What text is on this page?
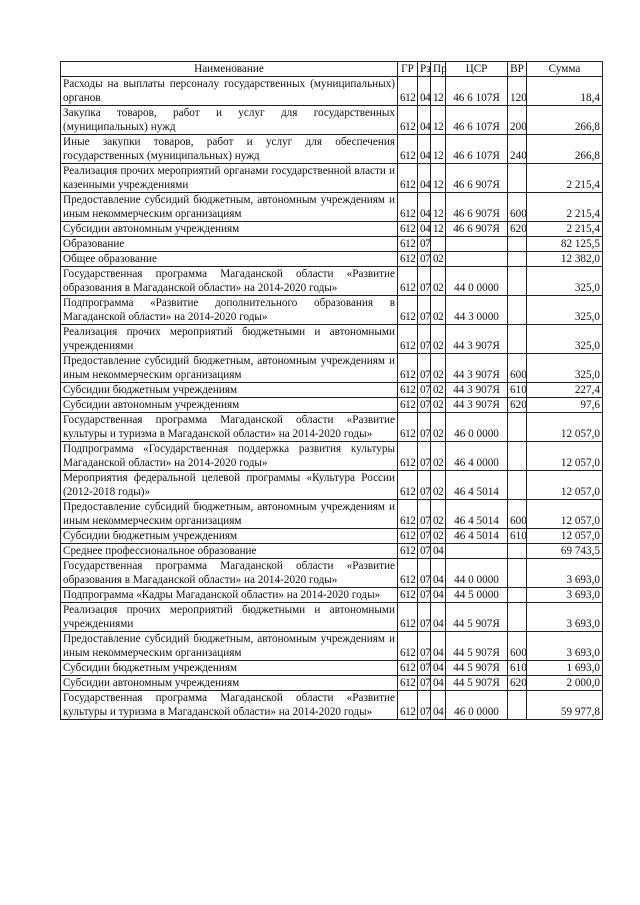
Наименование	ГР	Рз	Пр	ЦСР	ВР	Сумма
Расходы на выплаты персоналу государственных (муниципальных) органов	612	04	12	46 6 107Я	120	18,4
Закупка товаров, работ и услуг для государственных (муниципальных) нужд	612	04	12	46 6 107Я	200	266,8
Иные закупки товаров, работ и услуг для обеспечения государственных (муниципальных) нужд	612	04	12	46 6 107Я	240	266,8
Реализация прочих мероприятий органами государственной власти и казенными учреждениями	612	04	12	46 6 907Я		2 215,4
Предоставление субсидий бюджетным, автономным учреждениям и иным некоммерческим организациям	612	04	12	46 6 907Я	600	2 215,4
Субсидии автономным учреждениям	612	04	12	46 6 907Я	620	2 215,4
Образование	612	07				82 125,5
Общее образование	612	07	02			12 382,0
Государственная программа Магаданской области «Развитие образования в Магаданской области» на 2014-2020 годы»	612	07	02	44 0 0000		325,0
Подпрограмма «Развитие дополнительного образования в Магаданской области» на 2014-2020 годы»	612	07	02	44 3 0000		325,0
Реализация прочих мероприятий бюджетными и автономными учреждениями	612	07	02	44 3 907Я		325,0
Предоставление субсидий бюджетным, автономным учреждениям и иным некоммерческим организациям	612	07	02	44 3 907Я	600	325,0
Субсидии бюджетным учреждениям	612	07	02	44 3 907Я	610	227,4
Субсидии автономным учреждениям	612	07	02	44 3 907Я	620	97,6
Государственная программа Магаданской области «Развитие культуры и туризма в Магаданской области» на 2014-2020 годы»	612	07	02	46 0 0000		12 057,0
Подпрограмма «Государственная поддержка развития культуры Магаданской области» на 2014-2020 годы»	612	07	02	46 4 0000		12 057,0
Мероприятия федеральной целевой программы «Культура России (2012-2018 годы)»	612	07	02	46 4 5014		12 057,0
Предоставление субсидий бюджетным, автономным учреждениям и иным некоммерческим организациям	612	07	02	46 4 5014	600	12 057,0
Субсидии бюджетным учреждениям	612	07	02	46 4 5014	610	12 057,0
Среднее профессиональное образование	612	07	04			69 743,5
Государственная программа Магаданской области «Развитие образования в Магаданской области» на 2014-2020 годы»	612	07	04	44 0 0000		3 693,0
Подпрограмма «Кадры Магаданской области» на 2014-2020 годы»	612	07	04	44 5 0000		3 693,0
Реализация прочих мероприятий бюджетными и автономными учреждениями	612	07	04	44 5 907Я		3 693,0
Предоставление субсидий бюджетным, автономным учреждениям и иным некоммерческим организациям	612	07	04	44 5 907Я	600	3 693,0
Субсидии бюджетным учреждениям	612	07	04	44 5 907Я	610	1 693,0
Субсидии автономным учреждениям	612	07	04	44 5 907Я	620	2 000,0
Государственная программа Магаданской области «Развитие культуры и туризма в Магаданской области» на 2014-2020 годы»	612	07	04	46 0 0000		59 977,8
